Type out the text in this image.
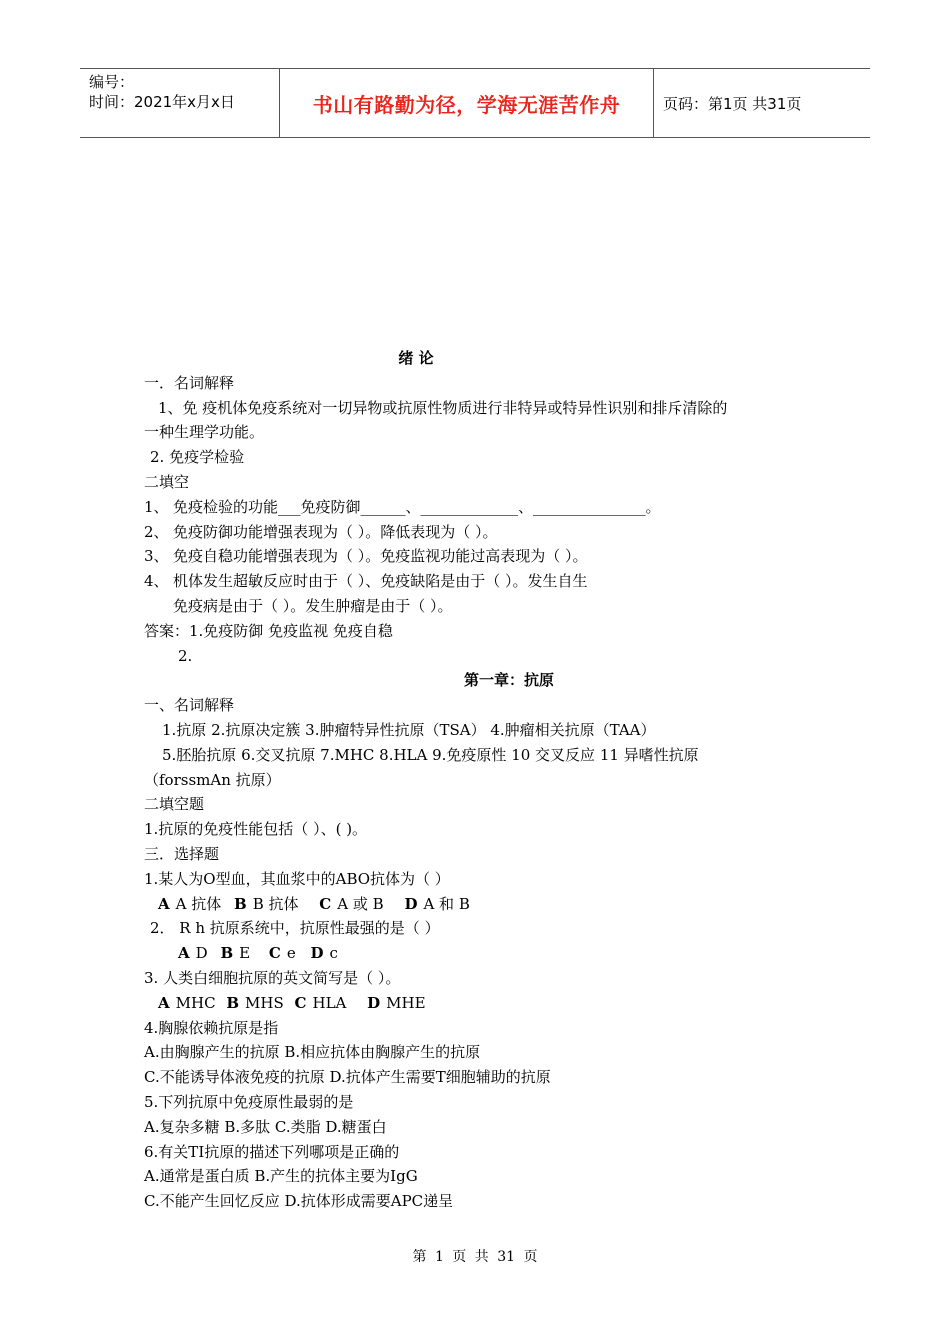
编号：
时间：2021年x月x日	书山有路勤为径，学海无涯苦作舟	页码：第1页 共31页
绪 论
一．名词解释
1、免 疫机体免疫系统对一切异物或抗原性物质进行非特异或特异性识别和排斥清除的
一种生理学功能。
2. 免疫学检验
二填空
1、 免疫检验的功能___免疫防御______、_____________、_______________。
2、 免疫防御功能增强表现为（ ）。降低表现为（ ）。
3、 免疫自稳功能增强表现为（ ）。免疫监视功能过高表现为（ ）。
4、 机体发生超敏反应时由于（ ）、免疫缺陷是由于（ ）。发生自生
免疫病是由于（ ）。发生肿瘤是由于（ ）。
答案：1.免疫防御 免疫监视 免疫自稳
2.
第一章：抗原
一、名词解释
1.抗原 2.抗原决定簇 3.肿瘤特异性抗原（TSA） 4.肿瘤相关抗原（TAA）
5.胚胎抗原 6.交叉抗原 7.MHC 8.HLA 9.免疫原性 10 交叉反应 11 异嗜性抗原
（forssmAn 抗原）
二填空题
1.抗原的免疫性能包括（ ）、( )。
三．选择题
1.某人为O型血，其血浆中的ABO抗体为（ ）
A A 抗体 B B 抗体 C A 或 B D A 和 B
2． R h 抗原系统中，抗原性最强的是（ ）
A D B E C e D c
3. 人类白细胞抗原的英文简写是（ ）。
A MHC B MHS C HLA D MHE
4.胸腺依赖抗原是指
A.由胸腺产生的抗原 B.相应抗体由胸腺产生的抗原
C.不能诱导体液免疫的抗原 D.抗体产生需要T细胞辅助的抗原
5.下列抗原中免疫原性最弱的是
A.复杂多糖 B.多肽 C.类脂 D.糖蛋白
6.有关TI抗原的描述下列哪项是正确的
A.通常是蛋白质 B.产生的抗体主要为IgG
C.不能产生回忆反应 D.抗体形成需要APC递呈
第 1 页 共 31 页
